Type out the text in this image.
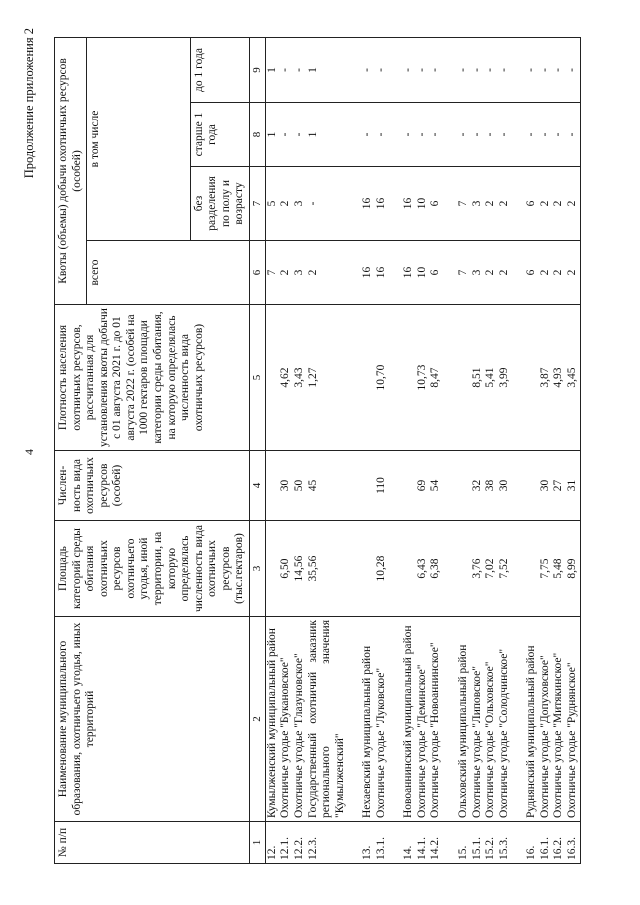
4
Продолжение приложения 2
№ п/п	Наименование муниципального образования, охотничьего угодья, иных территорий	Площадь категорий среды обитания охотничьих ресурсов охотничьего угодья, иной территории, на которую определялась численность вида охотничьих ресурсов (тыс.гектаров)	Числен-ность вида охотничьих ресурсов (особей)	Плотность населения охотничьих ресурсов, рассчитанная для установления квоты добычи с 01 августа 2021 г. до 01 августа 2022 г. (особей на 1000 гектаров площади категории среды обитания, на которую определялась численность вида охотничьих ресурсов)	Квоты (объемы) добычи охотничьих ресурсов (особей)			
					всего	в том числе		
						без разделения по полу и возрасту	старше 1 года	до 1 года
1	2	3	4	5	6	7	8	9
12.	Кумылженский муниципальный район				7	5	1	1
12.1.	Охотничье угодье "Букановское"	6,50	30	4,62	2	2	-	-
12.2.	Охотничье угодье "Глазуновское"	14,56	50	3,43	3	3	-	-
12.3.	Государственный охотничий заказник регионального значения "Кумылженский"	35,56	45	1,27	2	-	1	1

13.	Нехаевский муниципальный район				16	16	-	-
13.1.	Охотничье угодье "Луковское"	10,28	110	10,70	16	16	-	-

14.	Новоаннинский муниципальный район				16	16	-	-
14.1.	Охотничье угодье "Деминское"	6,43	69	10,73	10	10	-	-
14.2.	Охотничье угодье "Новоаннинское"	6,38	54	8,47	6	6	-	-

15.	Ольховский муниципальный район				7	7	-	-
15.1.	Охотничье угодье "Липовское"	3,76	32	8,51	3	3	-	-
15.2.	Охотничье угодье "Ольховское"	7,02	38	5,41	2	2	-	-
15.3.	Охотничье угодье "Солодчинское"	7,52	30	3,99	2	2	-	-

16.	Руднянский муниципальный район				6	6	-	-
16.1.	Охотничье угодье "Допуховское"	7,75	30	3,87	2	2	-	-
16.2.	Охотничье угодье "Митякинское"	5,48	27	4,93	2	2	-	-
16.3.	Охотничье угодье "Руднянское"	8,99	31	3,45	2	2	-	-
